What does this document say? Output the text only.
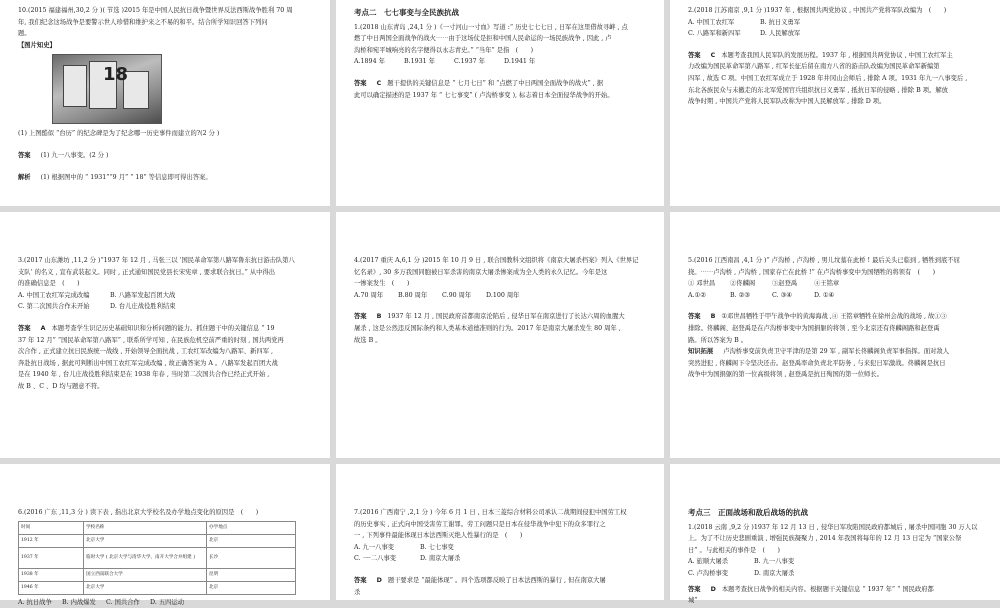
10.(2015 福建福州,30,2 分 )( 节选 )2015 年是中国人民抗日战争暨世界反法西斯战争胜利 70 周
年, 我们纪念这场战争是要警示世人珍惜和维护来之不易的和平。结合所学知识回答下列问
题。
【图片知史】
18
(1) 上图酷似 “台历” 的纪念碑是为了纪念哪一历史事件而建立的?(2 分 )
答案 (1) 九一八事变。(2 分 )
解析 (1) 根据图中的 “ 1931”“9 月” “ 18” 等信息即可得出答案。
考点二　七七事变与全民族抗战
1.(2018 山东青岛 ,24,1 分 )《一寸河山一寸血》写道 :“ 历史七七七日 , 日军在这里借故寻衅 , 点
燃了中日两国全面战争的战火⋯⋯由于这场仗是拒和中国人民命运的一场民族战争 , 因此 , 卢
沟桥和宛平城响亮的名字便得以永志青史。” “当年” 是指　(　　)
A.1894 年	B.1931 年	C.1937 年	D.1941 年
答案 C 题干提供的关键信息是 “ 七月七日” 和 “点燃了中日两国全面战争的战火” , 据
此可以确定描述的是 1937 年 “ 七七事变” ( 卢沟桥事变 ), 标志着日本全面侵华战争的开始。
2.(2018 江苏南京 ,9,1 分 )1937 年 , 根据国共两党协议 , 中国共产党将军队改编为　(　　)
A. 中国工农红军	B. 抗日义勇军
C. 八路军和新四军	D. 人民解放军
答案 C 本题考查我国人民军队的发展历程。1937 年 , 根据国共两党协议 , 中国工农红军主
力改编为国民革命军第八路军 , 红军长征后留在南方八省的游击队改编为国民革命军新编第
四军 , 故选 C 项。中国工农红军成立于 1928 年井冈山会师后 , 排除 A 项。1931 年九一八事变后 ,
东北各族民众与未撤走的东北军爱国官兵组织抗日义勇军 , 抵抗日军的侵略 , 排除 B 项。解放
战争时期 , 中国共产党将人民军队改称为中国人民解放军 , 排除 D 项。
3.(2017 山东潍坊 ,11,2 分 )“1937 年 12 月 , 马张三以 ‘国民革命军第八路军鲁东抗日游击队第八
支队’ 的名义 , 宣布武装起义。同时 , 正式通知国民党县长宋宪章 , 要求联合抗日。” 从中得出
的准确信息是　(　　)
A. 中国工农红军完成改编	B. 八路军发起百团大战
C. 第二次国共合作未开始	D. 台儿庄战役胜利结束
答案 A 本题考查学生识记历史基础知识和分析问题的能力。抓住题干中的关键信息 “ 19
37 年 12 月” “国民革命军第八路军” , 联系所学可知 , 在民族危机空前严重的时刻 , 国共两党再
次合作 , 正式建立抗日民族统一战线 , 开始领导全面抗战 , 工农红军改编为八路军、新四军 ,
奔赴抗日战场 , 据此可判断出中国工农红军完成改编 , 故正确答案为 A 。八路军发起百团大战
是在 1940 年 , 台儿庄战役胜利结束是在 1938 年春 , 当时第二次国共合作已经正式开始 ,
故 B 、C 、D 均与题意不符。
4.(2017 重庆 A,6,1 分 )2015 年 10 月 9 日 , 联合国教科文组织将《南京大屠杀档案》列入《世界记
忆名录》, 30 多万我国同胞被日军杀害的南京大屠杀惨案成为全人类的永久记忆。今年是这
一惨案发生　(　　)
A.70 周年	B.80 周年	C.90 周年	D.100 周年
答案 B 1937 年 12 月 , 国民政府首都南京沦陷后 , 侵华日军在南京进行了长达六周的血腥大
屠杀 , 这是公然违反国际条约和人类基本道德准则的行为。2017 年是南京大屠杀发生 80 周年 ,
故选 B 。
5.(2016 江西南昌 ,4,1 分 )“ 卢沟桥 , 卢沟桥 , 男儿坟墓在此桥 ! 最后关头已临到 , 牺牲到底不屈
挠。⋯⋯卢沟桥 , 卢沟桥 , 国家存亡在此桥 !” 在卢沟桥事变中为国牺牲的将领有　(　　)
① 邓世昌	②佟麟阁	③赵登禹	④王铭章
A.①②	B. ②③	C. ③④	D. ①④
答案 B ①邓世昌牺牲于甲午战争中的黄海海战 ,④ 王铭章牺牲在徐州会战的战场 , 故①③
排除。佟麟阁、赵登禹是在卢沟桥事变中为国捐躯的将领 , 至今北京还有佟麟阁路和赵登禹
路。所以答案为 B 。
知识拓展 卢沟桥事变前负责卫守平津的是第 29 军 , 副军长佟麟阁负责军事指挥。面对敌人
突然进犯 , 佟麟阁下令坚决还击。赵登禹率命负责北平防务 , 与来犯日军激战。佟麟阁是抗日
战争中为国捐躯的第一位高级将领 , 赵登禹是抗日殉国的第一位师长。
6.(2016 广东 ,11,3 分 ) 读下表 , 指出北京大学校名及办学地点变化的原因是　(　　)
时间	学校名称	办学地点
1912 年	北京大学	北京
1937 年	临时大学 ( 北京大学与清华大学、南开大学合并组建 )	长沙
1938 年	国立西南联合大学	昆明
1946 年	北京大学	北京
A. 抗日战争	B. 内战爆发	C. 国共合作	D. 五四运动
7.(2016 广西南宁 ,2,1 分 ) 今年 6 月 1 日 , 日本三菱综合材料公司承认二战期间侵犯中国劳工权
的历史事实 , 正式向中国受害劳工谢罪。劳工问题只是日本在侵华战争中犯下的众多罪行之
一 , 下列事件最能体现日本法西斯灭绝人性暴行的是　(　　)
A. 九一八事变	B. 七七事变
C. 一·二八事变	D. 南京大屠杀
答案 D 题干要求是 “最能体现” 。四个选项都反映了日本法西斯的暴行 , 但在南京大屠
杀
考点三　正面战场和敌后战场的抗战
1.(2018 云南 ,9,2 分 )1937 年 12 月 13 日 , 侵华日军攻陷国民政府都城后 , 屠杀中国同胞 30 万人以
上。为了不让历史悲剧重演 , 增强民族凝聚力 , 2014 年我国将每年的 12 月 13 日定为 “国家公祭
日” 。与此相关的事件是　(　　)
A. 旅顺大屠杀	B. 九一八事变
C. 卢沟桥事变	D. 南京大屠杀
答案 D 本题考查抗日战争的相关内容。根据题干关键信息 “ 1937 年” “ 国民政府都
城”
